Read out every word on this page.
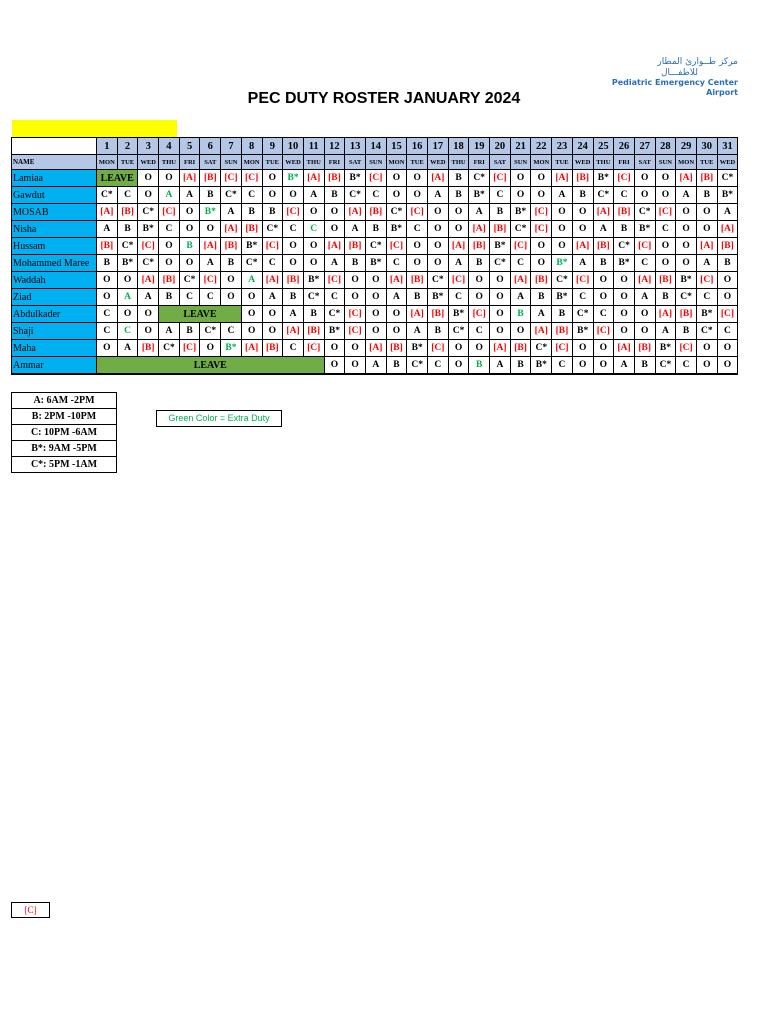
مركز طــوارئ المطار
للاطفـــال
Pediatric Emergency Center Airport
PEC DUTY ROSTER JANUARY 2024
	1	2	3	4	5	6	7	8	9	10	11	12	13	14	15	16	17	18	19	20	21	22	23	24	25	26	27	28	29	30	31
NAME	MON	TUE	WED	THU	FRI	SAT	SUN	MON	TUE	WED	THU	FRI	SAT	SUN	MON	TUE	WED	THU	FRI	SAT	SUN	MON	TUE	WED	THU	FRI	SAT	SUN	MON	TUE	WED
Lamiaa	LEAVE		O	O	[A]	[B]	[C]	[C]	O	B*	[A]	[B]	B*	[C]	O	O	[A]	B	C*	[C]	O	O	[A]	[B]	B*	[C]	O	O	[A]	[B]	C*
Gawdut	C*	C	O	A	A	B	C*	C	O	O	A	B	C*	C	O	O	A	B	B*	C	O	O	A	B	C*	C	O	O	A	B	B*
MOSAB	[A]	[B]	C*	[C]	O	B*	A	B	B	[C]	O	O	[A]	[B]	C*	[C]	O	O	A	B	B*	[C]	O	O	[A]	[B]	C*	[C]	O	O	A
Nisha	A	B	B*	C	O	O	[A]	[B]	C*	C	C	O	A	B	B*	C	O	O	[A]	[B]	C*	[C]	O	O	A	B	B*	C	O	O	[A]
Hussam	[B]	C*	[C]	O	B	[A]	[B]	B*	[C]	O	O	[A]	[B]	C*	[C]	O	O	[A]	[B]	B*	[C]	O	O	[A]	[B]	C*	[C]	O	O	[A]	[B]
Mohammed Maree	B	B*	C*	O	O	A	B	C*	C	O	O	A	B	B*	C	O	O	A	B	C*	C	O	B*	A	B	B*	C	O	O	A	B
Waddah	O	O	[A]	[B]	C*	[C]	O	A	[A]	[B]	B*	[C]	O	O	[A]	[B]	C*	[C]	O	O	[A]	[B]	C*	[C]	O	O	[A]	[B]	B*	[C]	O
Ziad	O	A	A	B	C	C	O	O	A	B	C*	C	O	O	A	B	B*	C	O	O	A	B	B*	C	O	O	A	B	C*	C	O
Abdulkader	C	O	O	LEAVE				O	O	A	B	C*	[C]	O	O	[A]	[B]	B*	[C]	O	B	A	B	C*	C	O	O	[A]	[B]	B*	[C]
Shaji	C	C	O	A	B	C*	C	O	O	[A]	[B]	B*	[C]	O	O	A	B	C*	C	O	O	[A]	[B]	B*	[C]	O	O	A	B	C*	C
Maha	O	A	[B]	C*	[C]	O	B*	[A]	[B]	C	[C]	O	O	[A]	[B]	B*	[C]	O	O	[A]	[B]	C*	[C]	O	O	[A]	[B]	B*	[C]	O	O
Ammar	LEAVE											O	O	A	B	C*	C	O	B	A	B	B*	C	O	O	A	B	C*	C	O	O
A: 6AM -2PM
B: 2PM -10PM
C: 10PM -6AM
B*: 9AM -5PM
C*: 5PM -1AM
Green Color = Extra Duty
[C]
